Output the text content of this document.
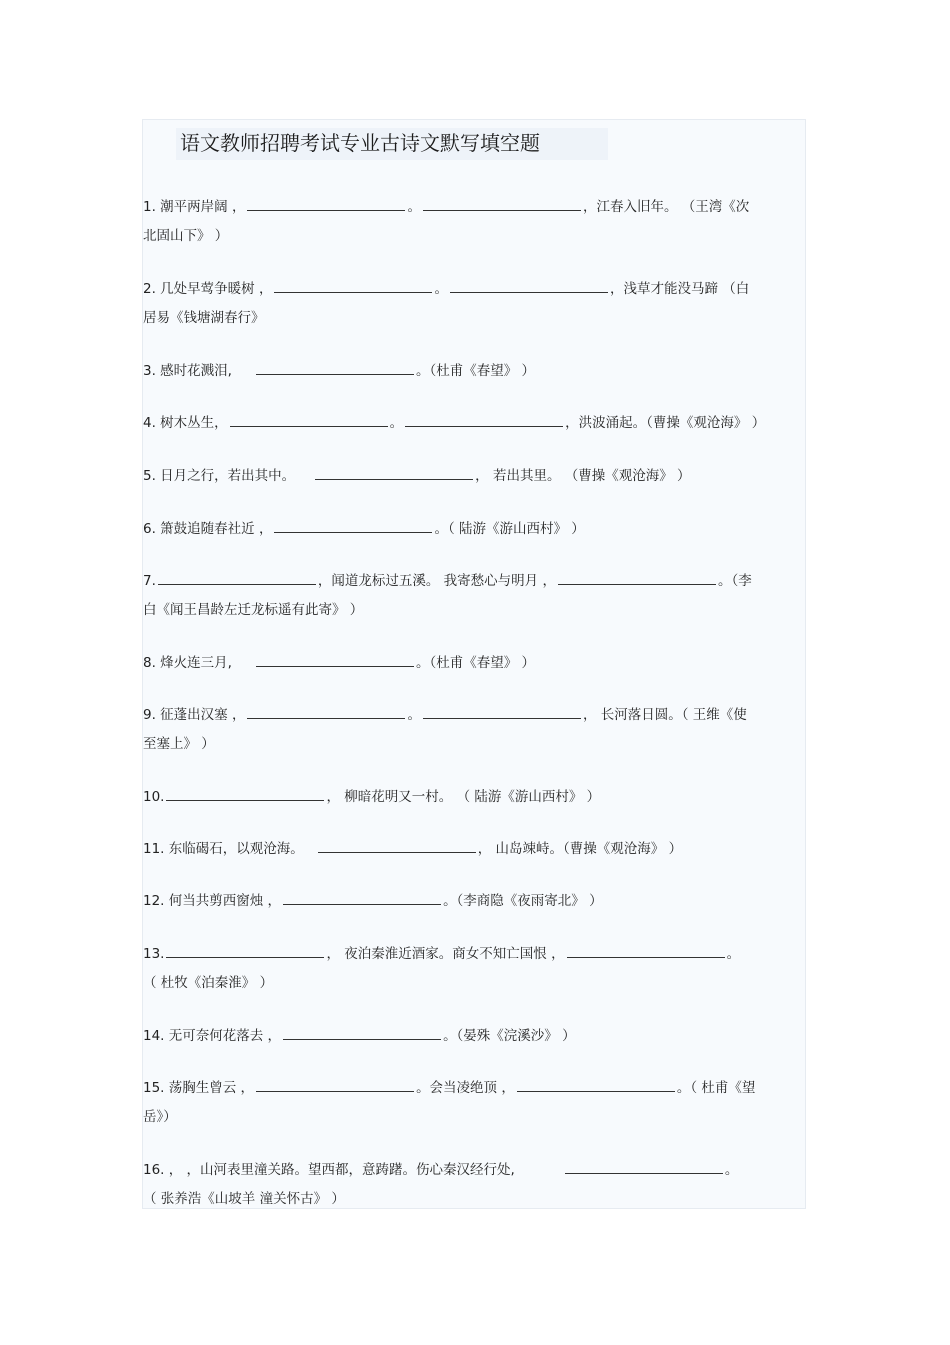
语文教师招聘考试专业古诗文默写填空题
1. 潮平两岸阔 ，	。	，江春入旧年。 （王湾《次
北固山下》 ）
2. 几处早莺争暖树 ，	。	，浅草才能没马蹄 （白
居易《钱塘湖春行》
3. 感时花溅泪,	。（杜甫《春望》 ）
4. 树木丛生，	。	，洪波涌起。（曹操《观沧海》 ）
5. 日月之行，若出其中。	， 若出其里。 （曹操《观沧海》 ）
6. 箫鼓追随春社近 ，	。（ 陆游《游山西村》 ）
7.	，闻道龙标过五溪。 我寄愁心与明月 ，	。（李
白《闻王昌龄左迁龙标遥有此寄》 ）
8. 烽火连三月,	。（杜甫《春望》 ）
9. 征蓬出汉塞 ，	。	， 长河落日圆。（ 王维《使
至塞上》 ）
10.	， 柳暗花明又一村。 （ 陆游《游山西村》 ）
11. 东临碣石，以观沧海。	， 山岛竦峙。（曹操《观沧海》 ）
12. 何当共剪西窗烛 ，	。（李商隐《夜雨寄北》 ）
13.	， 夜泊秦淮近酒家。商女不知亡国恨 ，	。
（ 杜牧《泊秦淮》 ）
14. 无可奈何花落去 ，	。（晏殊《浣溪沙》 ）
15. 荡胸生曾云 ，	。会当凌绝顶 ，	。（ 杜甫《望
岳》）
16. ， ，山河表里潼关路。望西都，意踌躇。伤心秦汉经行处,	。
（ 张养浩《山坡羊 潼关怀古》 ）
